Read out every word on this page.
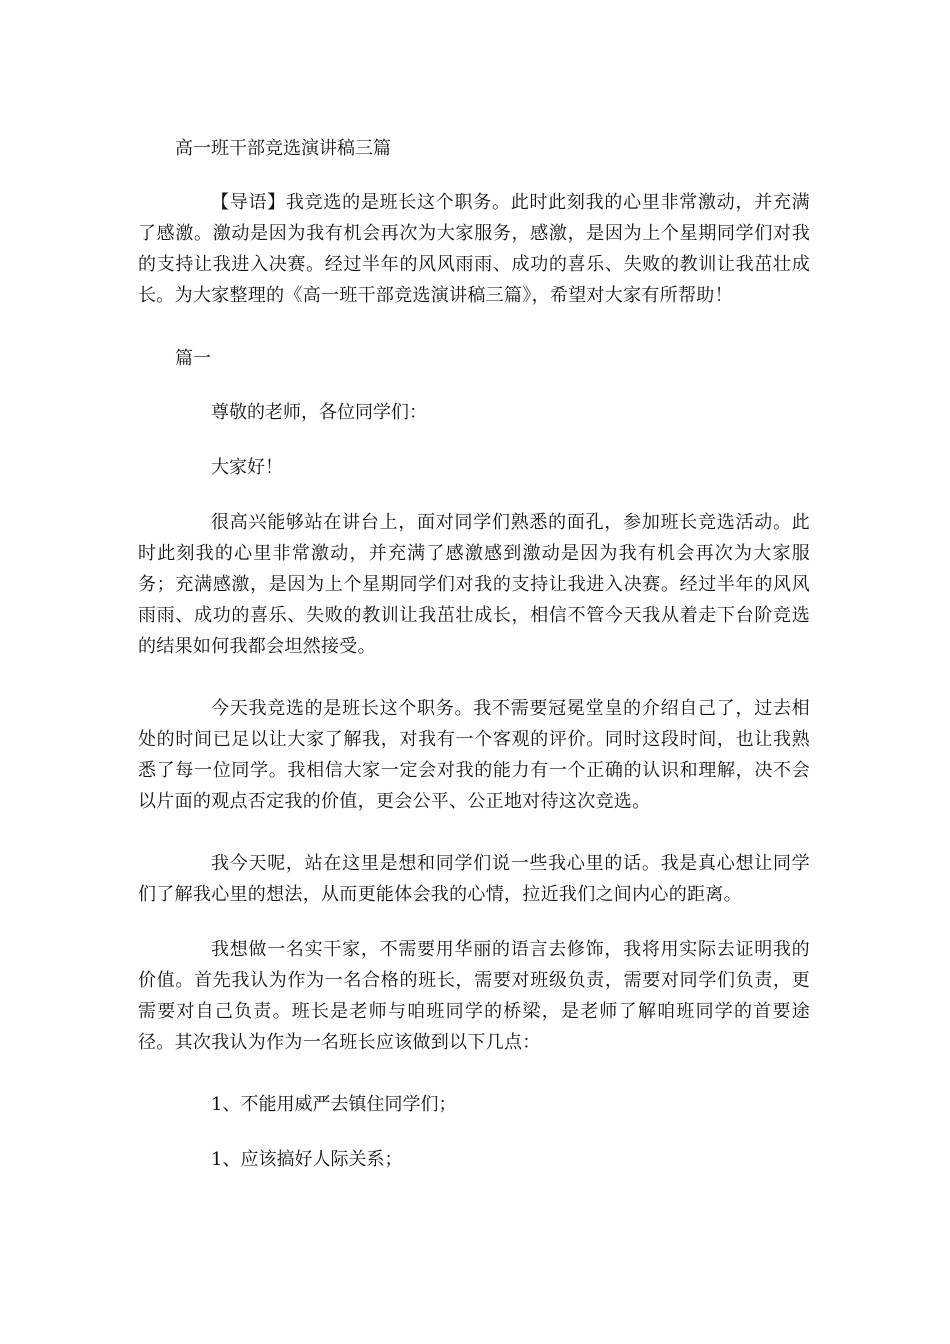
高一班干部竞选演讲稿三篇

【导语】我竞选的是班长这个职务。此时此刻我的心里非常激动，并充满了感激。激动是因为我有机会再次为大家服务，感激，是因为上个星期同学们对我的支持让我进入决赛。经过半年的风风雨雨、成功的喜乐、失败的教训让我茁壮成长。为大家整理的《高一班干部竞选演讲稿三篇》，希望对大家有所帮助！

篇一

尊敬的老师，各位同学们：

大家好！

很高兴能够站在讲台上，面对同学们熟悉的面孔，参加班长竞选活动。此时此刻我的心里非常激动，并充满了感激感到激动是因为我有机会再次为大家服务；充满感激，是因为上个星期同学们对我的支持让我进入决赛。经过半年的风风雨雨、成功的喜乐、失败的教训让我茁壮成长，相信不管今天我从着走下台阶竞选的结果如何我都会坦然接受。

今天我竞选的是班长这个职务。我不需要冠冕堂皇的介绍自己了，过去相处的时间已足以让大家了解我，对我有一个客观的评价。同时这段时间，也让我熟悉了每一位同学。我相信大家一定会对我的能力有一个正确的认识和理解，决不会以片面的观点否定我的价值，更会公平、公正地对待这次竞选。

我今天呢，站在这里是想和同学们说一些我心里的话。我是真心想让同学们了解我心里的想法，从而更能体会我的心情，拉近我们之间内心的距离。

我想做一名实干家，不需要用华丽的语言去修饰，我将用实际去证明我的价值。首先我认为作为一名合格的班长，需要对班级负责，需要对同学们负责，更需要对自己负责。班长是老师与咱班同学的桥梁，是老师了解咱班同学的首要途径。其次我认为作为一名班长应该做到以下几点：

1、不能用威严去镇住同学们；

1、应该搞好人际关系；
